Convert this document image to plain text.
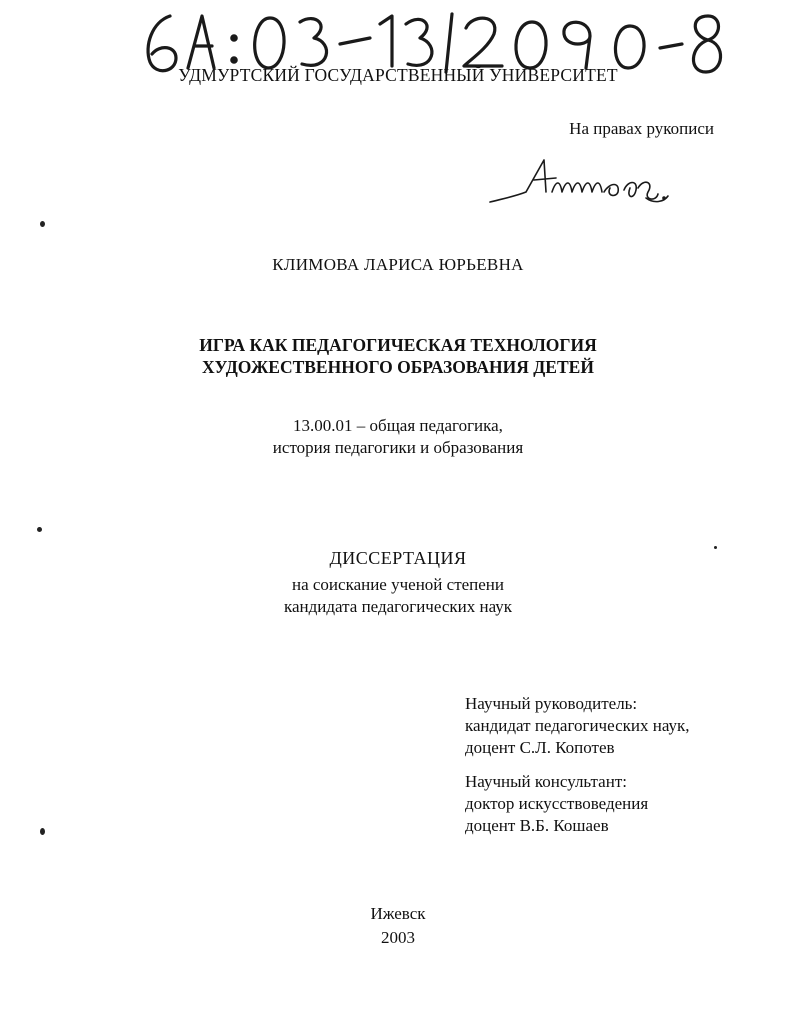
УДМУРТСКИЙ ГОСУДАРСТВЕННЫЙ УНИВЕРСИТЕТ
На правах рукописи
КЛИМОВА ЛАРИСА ЮРЬЕВНА
ИГРА КАК ПЕДАГОГИЧЕСКАЯ ТЕХНОЛОГИЯ
ХУДОЖЕСТВЕННОГО ОБРАЗОВАНИЯ ДЕТЕЙ
13.00.01 – общая педагогика,
история педагогики и образования
ДИССЕРТАЦИЯ
на соискание ученой степени
кандидата педагогических наук
Научный руководитель:
кандидат педагогических наук,
доцент С.Л. Копотев
Научный консультант:
доктор искусствоведения
доцент В.Б. Кошаев
Ижевск
2003
